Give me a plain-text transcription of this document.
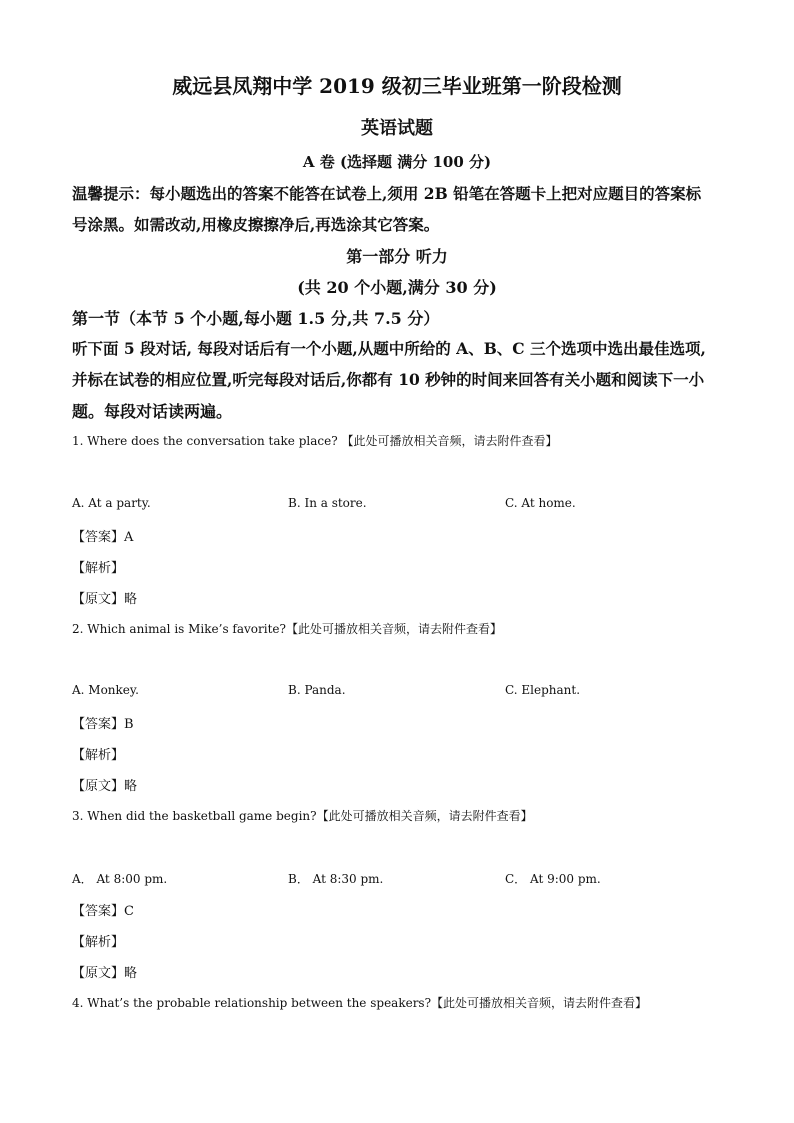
威远县凤翔中学 2019 级初三毕业班第一阶段检测
英语试题
A 卷 (选择题 满分 100 分)
温馨提示：每小题选出的答案不能答在试卷上,须用 2B 铅笔在答题卡上把对应题目的答案标
号涂黑。如需改动,用橡皮擦擦净后,再选涂其它答案。
第一部分 听力
(共 20 个小题,满分 30 分)
第一节（本节 5 个小题,每小题 1.5 分,共 7.5 分）
听下面 5 段对话, 每段对话后有一个小题,从题中所给的 A、B、C 三个选项中选出最佳选项,
并标在试卷的相应位置,听完每段对话后,你都有 10 秒钟的时间来回答有关小题和阅读下一小
题。每段对话读两遍。
1. Where does the conversation take place? 【此处可播放相关音频，请去附件查看】
A. At a party.	B. In a store.	C. At home.
【答案】A
【解析】
【原文】略
2. Which animal is Mike’s favorite?【此处可播放相关音频，请去附件查看】
A. Monkey.	B. Panda.	C. Elephant.
【答案】B
【解析】
【原文】略
3. When did the basketball game begin?【此处可播放相关音频，请去附件查看】
A． At 8:00 pm.	B． At 8:30 pm.	C． At 9:00 pm.
【答案】C
【解析】
【原文】略
4. What’s the probable relationship between the speakers?【此处可播放相关音频，请去附件查看】
